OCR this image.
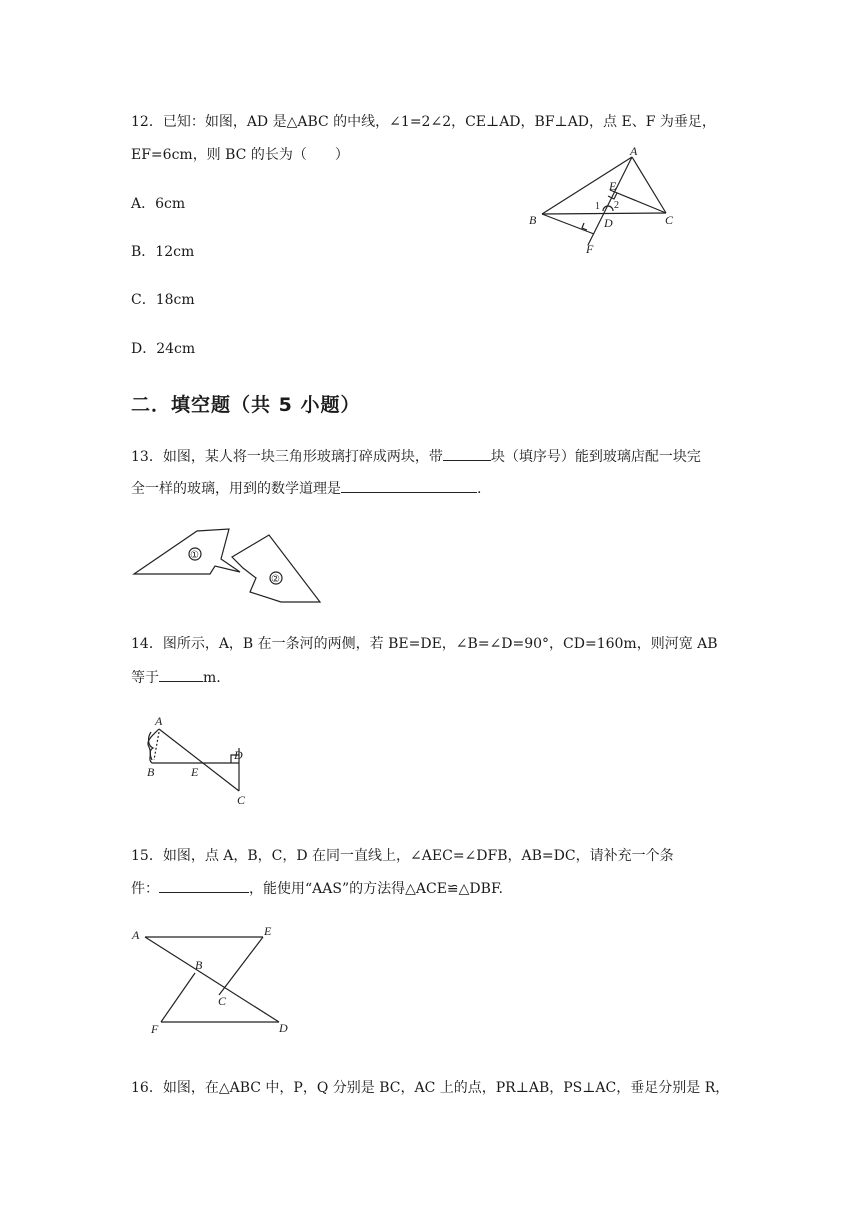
12．已知：如图，AD 是△ABC 的中线，∠1=2∠2，CE⊥AD，BF⊥AD，点 E、F 为垂足，
EF=6cm，则 BC 的长为（　　）
A．6cm
B．12cm
C．18cm
D．24cm
A
B	C
D
E
F
1 2
二．填空题（共 5 小题）
13．如图，某人将一块三角形玻璃打碎成两块，带	块（填序号）能到玻璃店配一块完
全一样的玻璃，用到的数学道理是	.
①
②
14．图所示，A，B 在一条河的两侧，若 BE=DE，∠B=∠D=90°，CD=160m，则河宽 AB
等于	m.
A
B	E
D
C
15．如图，点 A，B，C，D 在同一直线上，∠AEC=∠DFB，AB=DC，请补充一个条
件：	，能使用“AAS”的方法得△ACE≌△DBF.
A	E
B
C
F	D
16．如图，在△ABC 中，P，Q 分别是 BC，AC 上的点，PR⊥AB，PS⊥AC，垂足分别是 R，
